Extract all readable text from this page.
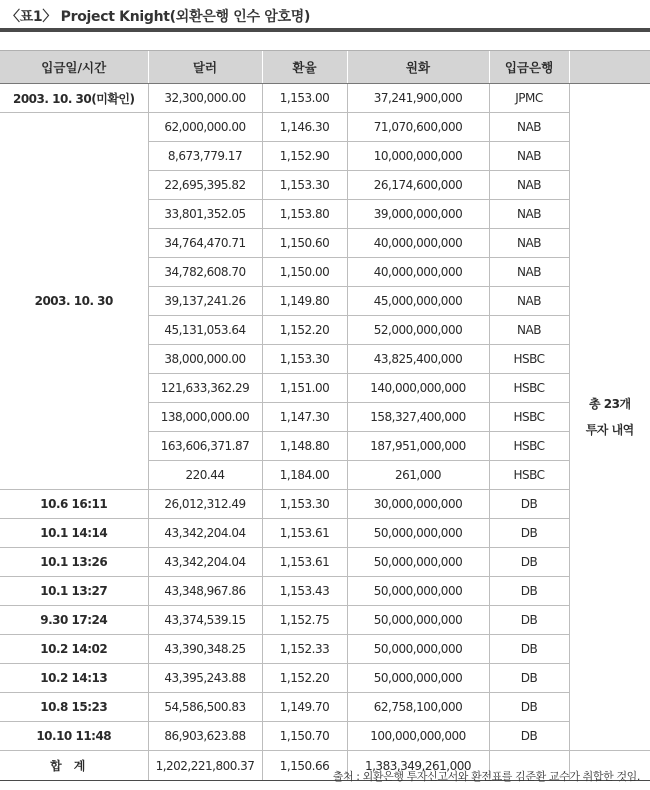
〈표1〉 Project Knight(외환은행 인수 암호명)
입금일/시간	달러	환율	원화	입금은행	
2003. 10. 30(미확인)	32,300,000.00	1,153.00	37,241,900,000	JPMC	총 23개
투자 내역

2003. 10. 30	62,000,000.00	1,146.30	71,070,600,000	NAB	
	8,673,779.17	1,152.90	10,000,000,000	NAB	
	22,695,395.82	1,153.30	26,174,600,000	NAB	
	33,801,352.05	1,153.80	39,000,000,000	NAB	
	34,764,470.71	1,150.60	40,000,000,000	NAB	
	34,782,608.70	1,150.00	40,000,000,000	NAB	
	39,137,241.26	1,149.80	45,000,000,000	NAB	
	45,131,053.64	1,152.20	52,000,000,000	NAB	
	38,000,000.00	1,153.30	43,825,400,000	HSBC	
	121,633,362.29	1,151.00	140,000,000,000	HSBC	
	138,000,000.00	1,147.30	158,327,400,000	HSBC	
	163,606,371.87	1,148.80	187,951,000,000	HSBC	
	220.44	1,184.00	261,000	HSBC	
10.6 16:11	26,012,312.49	1,153.30	30,000,000,000	DB	
10.1 14:14	43,342,204.04	1,153.61	50,000,000,000	DB	
10.1 13:26	43,342,204.04	1,153.61	50,000,000,000	DB	
10.1 13:27	43,348,967.86	1,153.43	50,000,000,000	DB	
9.30 17:24	43,374,539.15	1,152.75	50,000,000,000	DB	
10.2 14:02	43,390,348.25	1,152.33	50,000,000,000	DB	
10.2 14:13	43,395,243.88	1,152.20	50,000,000,000	DB	
10.8 15:23	54,586,500.83	1,149.70	62,758,100,000	DB	
10.10 11:48	86,903,623.88	1,150.70	100,000,000,000	DB	
합계	1,202,221,800.37	1,150.66	1,383,349,261,000		
출처 : 외환은행 투자신고서와 환전표를 김준환 교수가 취합한 것임.
